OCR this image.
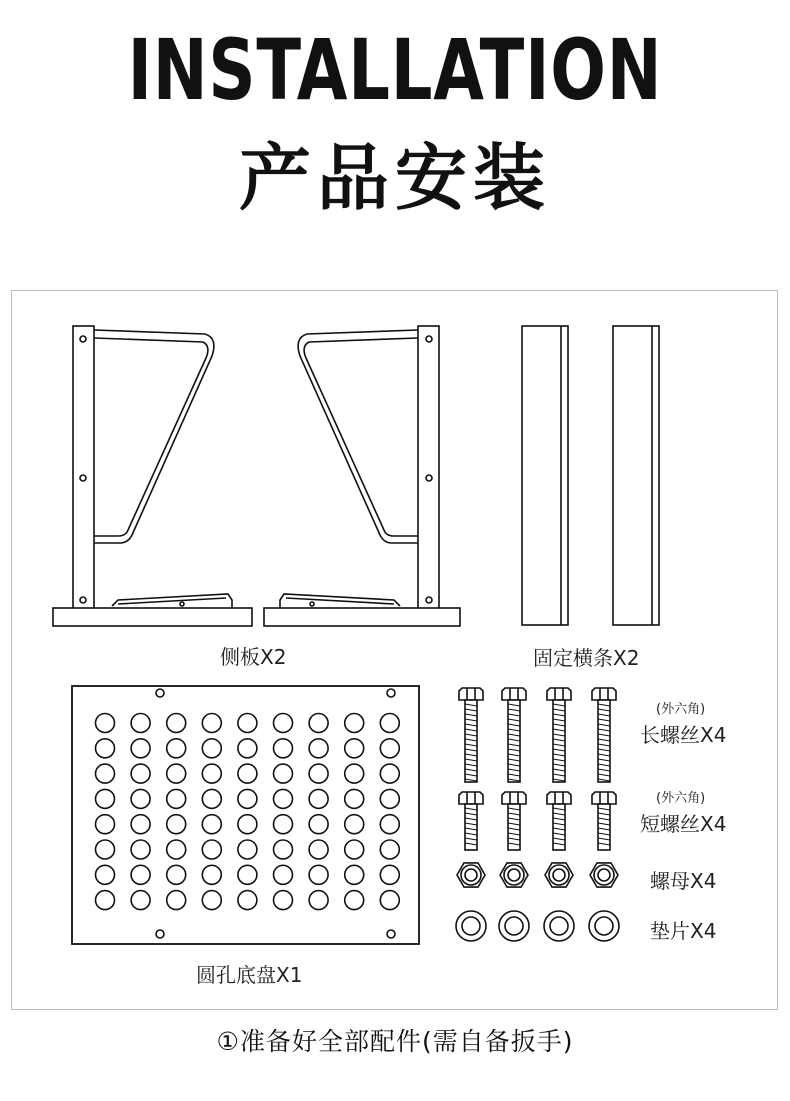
INSTALLATION
产品安装
侧板X2	固定横条X2
圆孔底盘X1
(外六角)
长螺丝X4
(外六角)
短螺丝X4
螺母X4
垫片X4
①准备好全部配件(需自备扳手)
